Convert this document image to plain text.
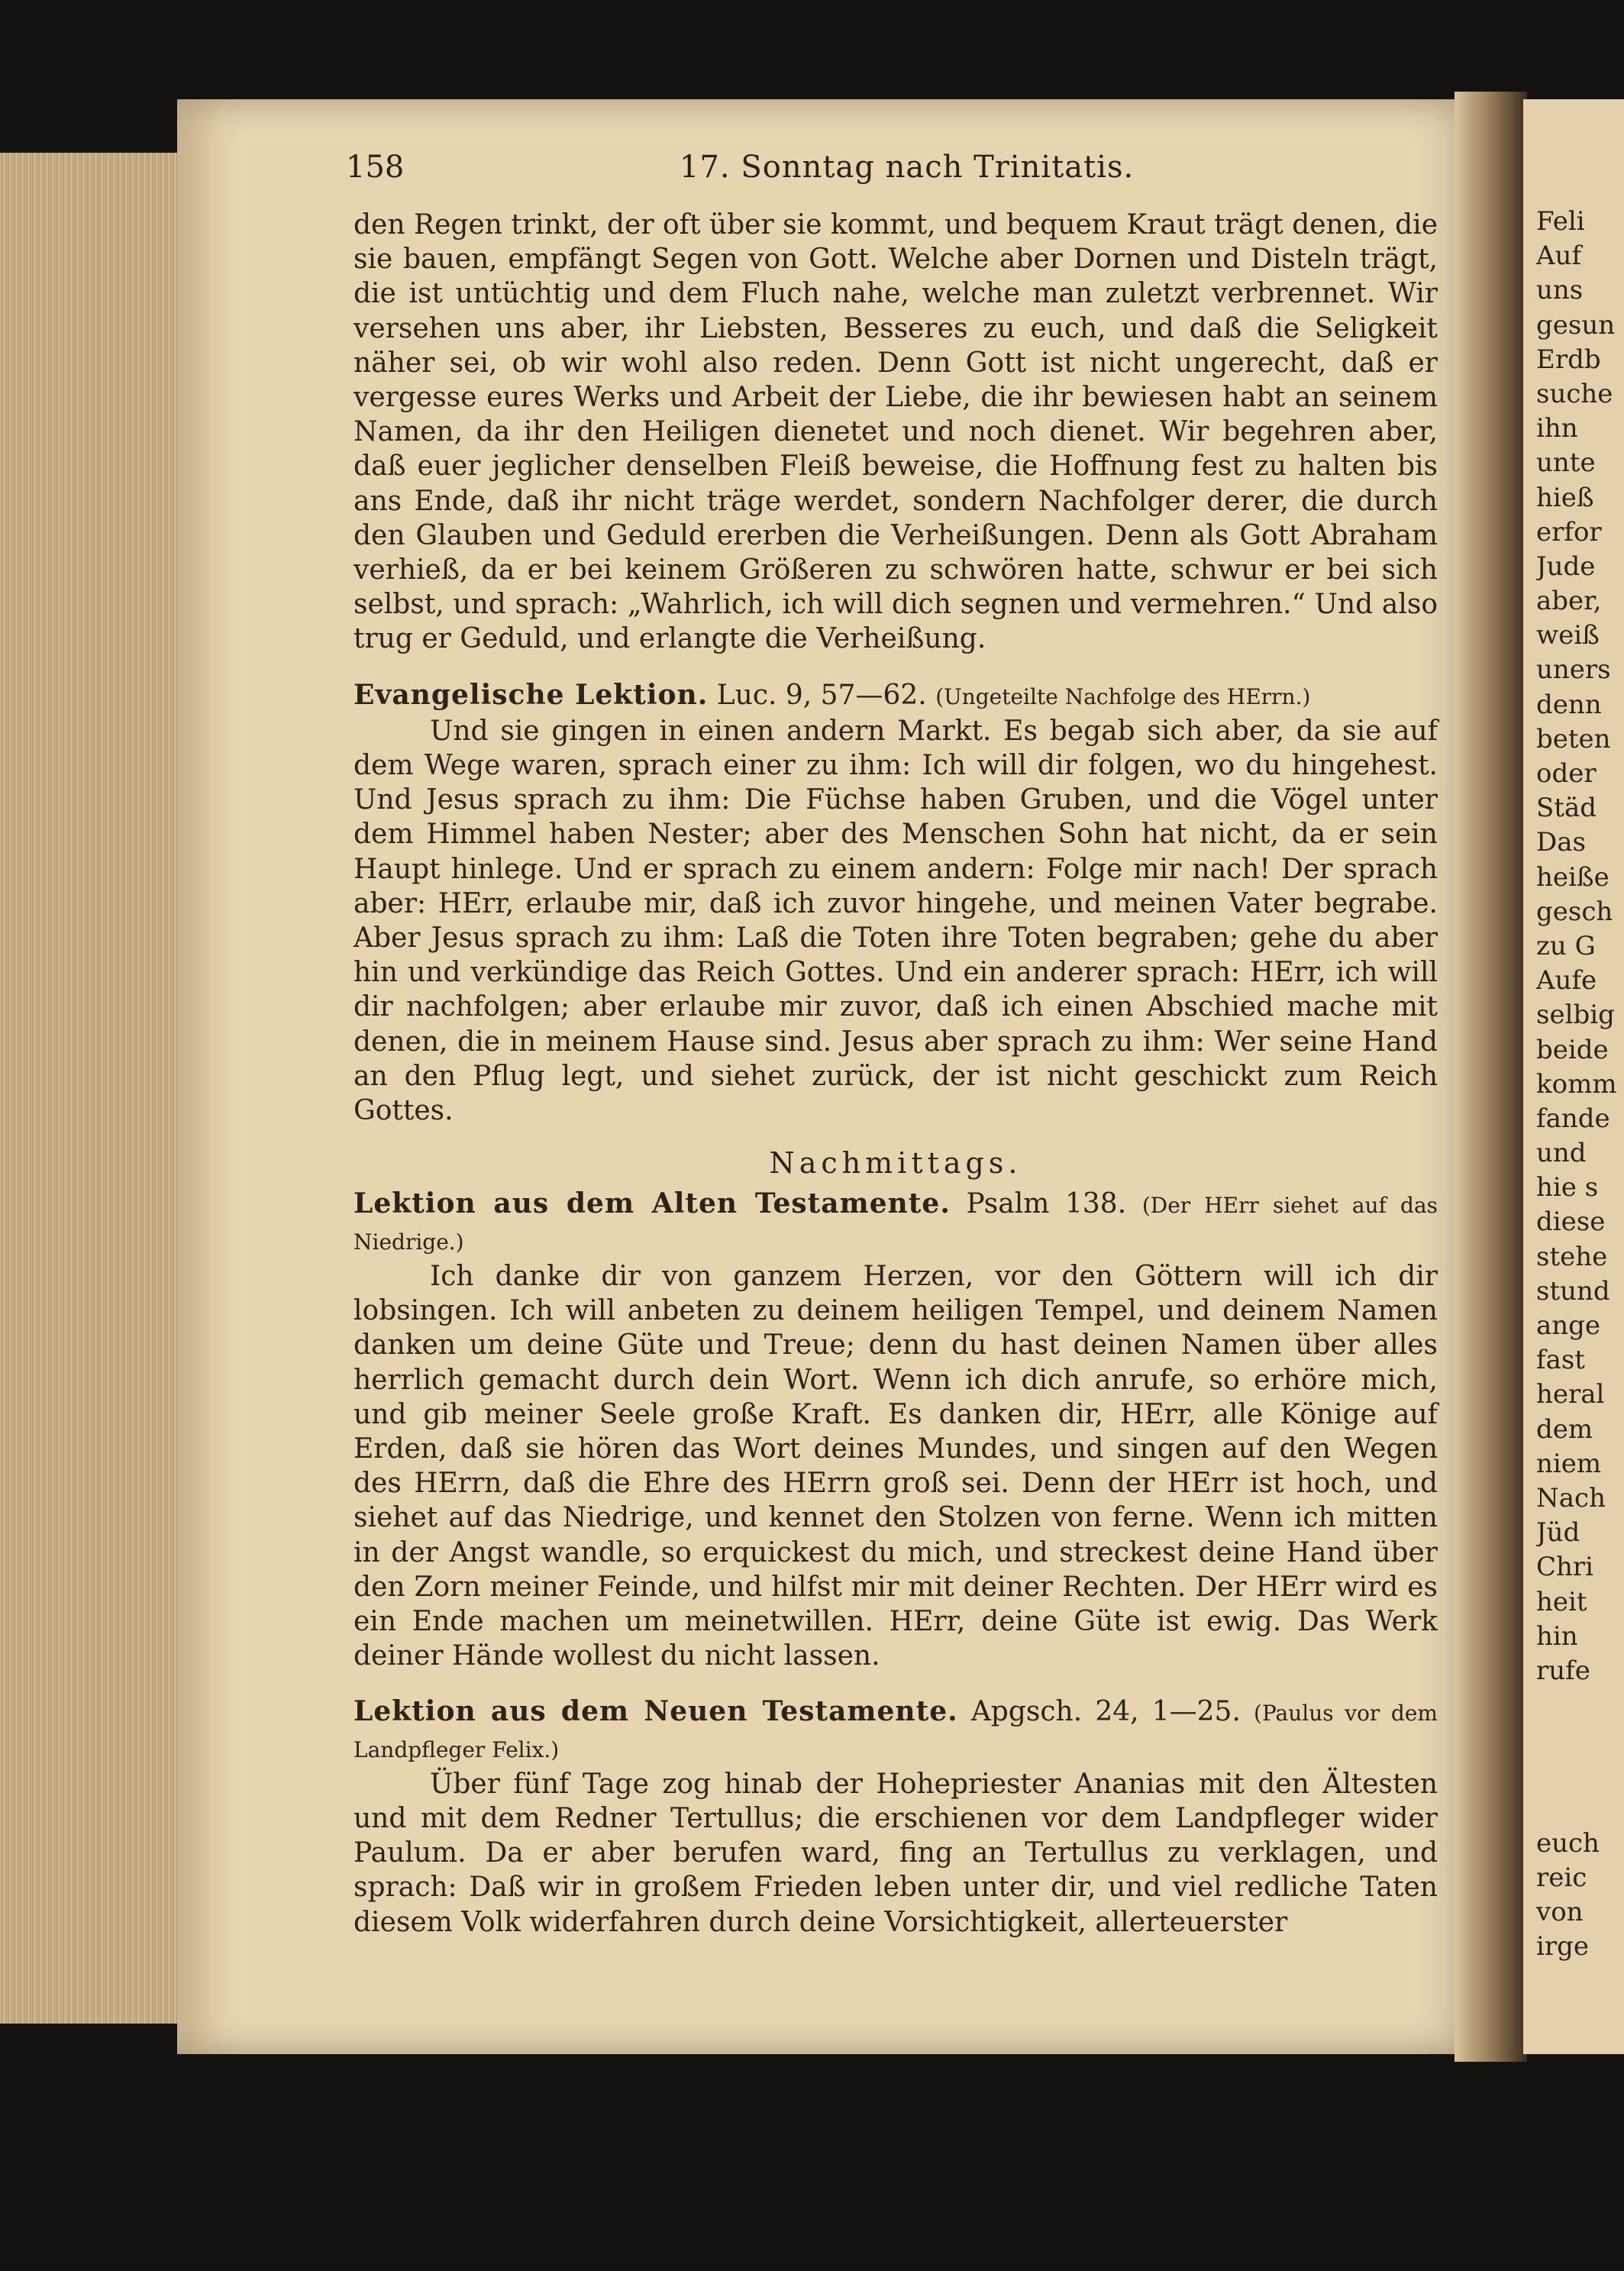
158	17. Sonntag nach Trinitatis.

den Regen trinkt, der oft über sie kommt, und bequem Kraut trägt denen, die sie bauen, empfängt Segen von Gott. Welche aber Dornen und Disteln trägt, die ist untüchtig und dem Fluch nahe, welche man zuletzt verbrennet. Wir versehen uns aber, ihr Liebsten, Besseres zu euch, und daß die Seligkeit näher sei, ob wir wohl also reden. Denn Gott ist nicht ungerecht, daß er vergesse eures Werks und Arbeit der Liebe, die ihr bewiesen habt an seinem Namen, da ihr den Heiligen dienetet und noch dienet. Wir begehren aber, daß euer jeglicher denselben Fleiß beweise, die Hoffnung fest zu halten bis ans Ende, daß ihr nicht träge werdet, sondern Nachfolger derer, die durch den Glauben und Geduld ererben die Verheißungen. Denn als Gott Abraham verhieß, da er bei keinem Größeren zu schwören hatte, schwur er bei sich selbst, und sprach: „Wahrlich, ich will dich segnen und vermehren.“ Und also trug er Geduld, und erlangte die Verheißung.

Evangelische Lektion. Luc. 9, 57—62. (Ungeteilte Nachfolge des HErrn.)

Und sie gingen in einen andern Markt. Es begab sich aber, da sie auf dem Wege waren, sprach einer zu ihm: Ich will dir folgen, wo du hingehest. Und Jesus sprach zu ihm: Die Füchse haben Gruben, und die Vögel unter dem Himmel haben Nester; aber des Menschen Sohn hat nicht, da er sein Haupt hinlege. Und er sprach zu einem andern: Folge mir nach! Der sprach aber: HErr, erlaube mir, daß ich zuvor hingehe, und meinen Vater begrabe. Aber Jesus sprach zu ihm: Laß die Toten ihre Toten begraben; gehe du aber hin und verkündige das Reich Gottes. Und ein anderer sprach: HErr, ich will dir nachfolgen; aber erlaube mir zuvor, daß ich einen Abschied mache mit denen, die in meinem Hause sind. Jesus aber sprach zu ihm: Wer seine Hand an den Pflug legt, und siehet zurück, der ist nicht geschickt zum Reich Gottes.

Nachmittags.

Lektion aus dem Alten Testamente. Psalm 138. (Der HErr siehet auf das Niedrige.)

Ich danke dir von ganzem Herzen, vor den Göttern will ich dir lobsingen. Ich will anbeten zu deinem heiligen Tempel, und deinem Namen danken um deine Güte und Treue; denn du hast deinen Namen über alles herrlich gemacht durch dein Wort. Wenn ich dich anrufe, so erhöre mich, und gib meiner Seele große Kraft. Es danken dir, HErr, alle Könige auf Erden, daß sie hören das Wort deines Mundes, und singen auf den Wegen des HErrn, daß die Ehre des HErrn groß sei. Denn der HErr ist hoch, und siehet auf das Niedrige, und kennet den Stolzen von ferne. Wenn ich mitten in der Angst wandle, so erquickest du mich, und streckest deine Hand über den Zorn meiner Feinde, und hilfst mir mit deiner Rechten. Der HErr wird es ein Ende machen um meinetwillen. HErr, deine Güte ist ewig. Das Werk deiner Hände wollest du nicht lassen.

Lektion aus dem Neuen Testamente. Apgsch. 24, 1—25. (Paulus vor dem Landpfleger Felix.)

Über fünf Tage zog hinab der Hohepriester Ananias mit den Ältesten und mit dem Redner Tertullus; die erschienen vor dem Landpfleger wider Paulum. Da er aber berufen ward, fing an Tertullus zu verklagen, und sprach: Daß wir in großem Frieden leben unter dir, und viel redliche Taten diesem Volk widerfahren durch deine Vorsichtigkeit, allerteuerster

Feli
Auf
uns
gesun
Erdb
suche
ihn
unte
hieß
erfor
Jude
aber,
weiß
uners
denn
beten
oder
Städ
Das
heiße
gesch
zu G
Aufe
selbig
beide
komm
fande
und
hie s
diese
stehe
stund
ange
fast
heral
dem
niem
Nach
Jüd
Chri
heit
hin
rufe
euch
reic
von
irge
